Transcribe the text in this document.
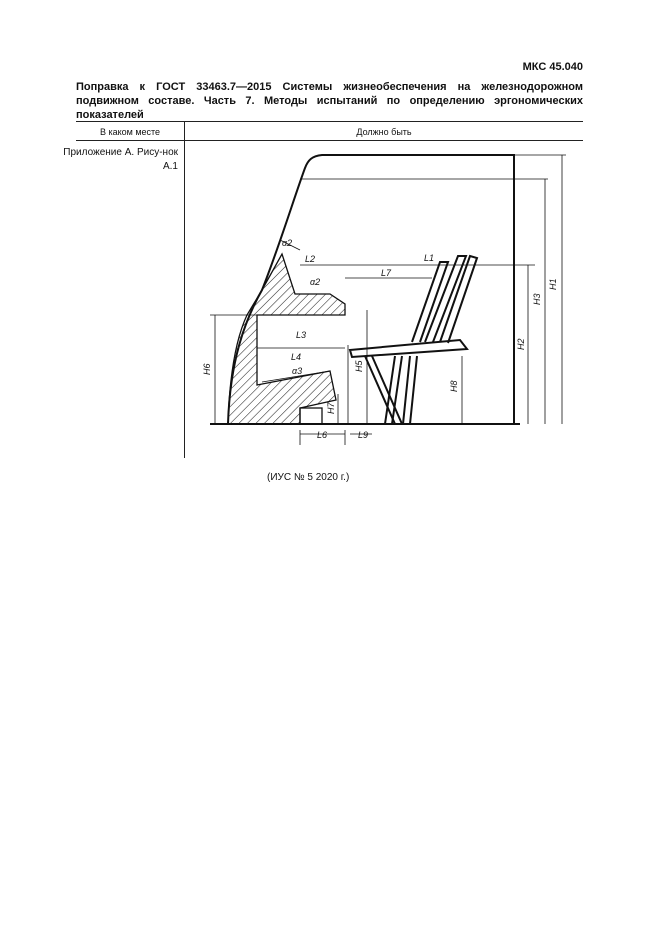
МКС 45.040
Поправка к ГОСТ 33463.7—2015 Системы жизнеобеспечения на железнодорожном подвижном составе. Часть 7. Методы испытаний по определению эргономических показателей
В каком месте	Должно быть
Приложение А. Рису-нок А.1
α2
L2
α2
L1
L7
L3
L4
α3
L6	L9
H1
H3
H2
H6	H5
H8
H7
(ИУС № 5 2020 г.)
